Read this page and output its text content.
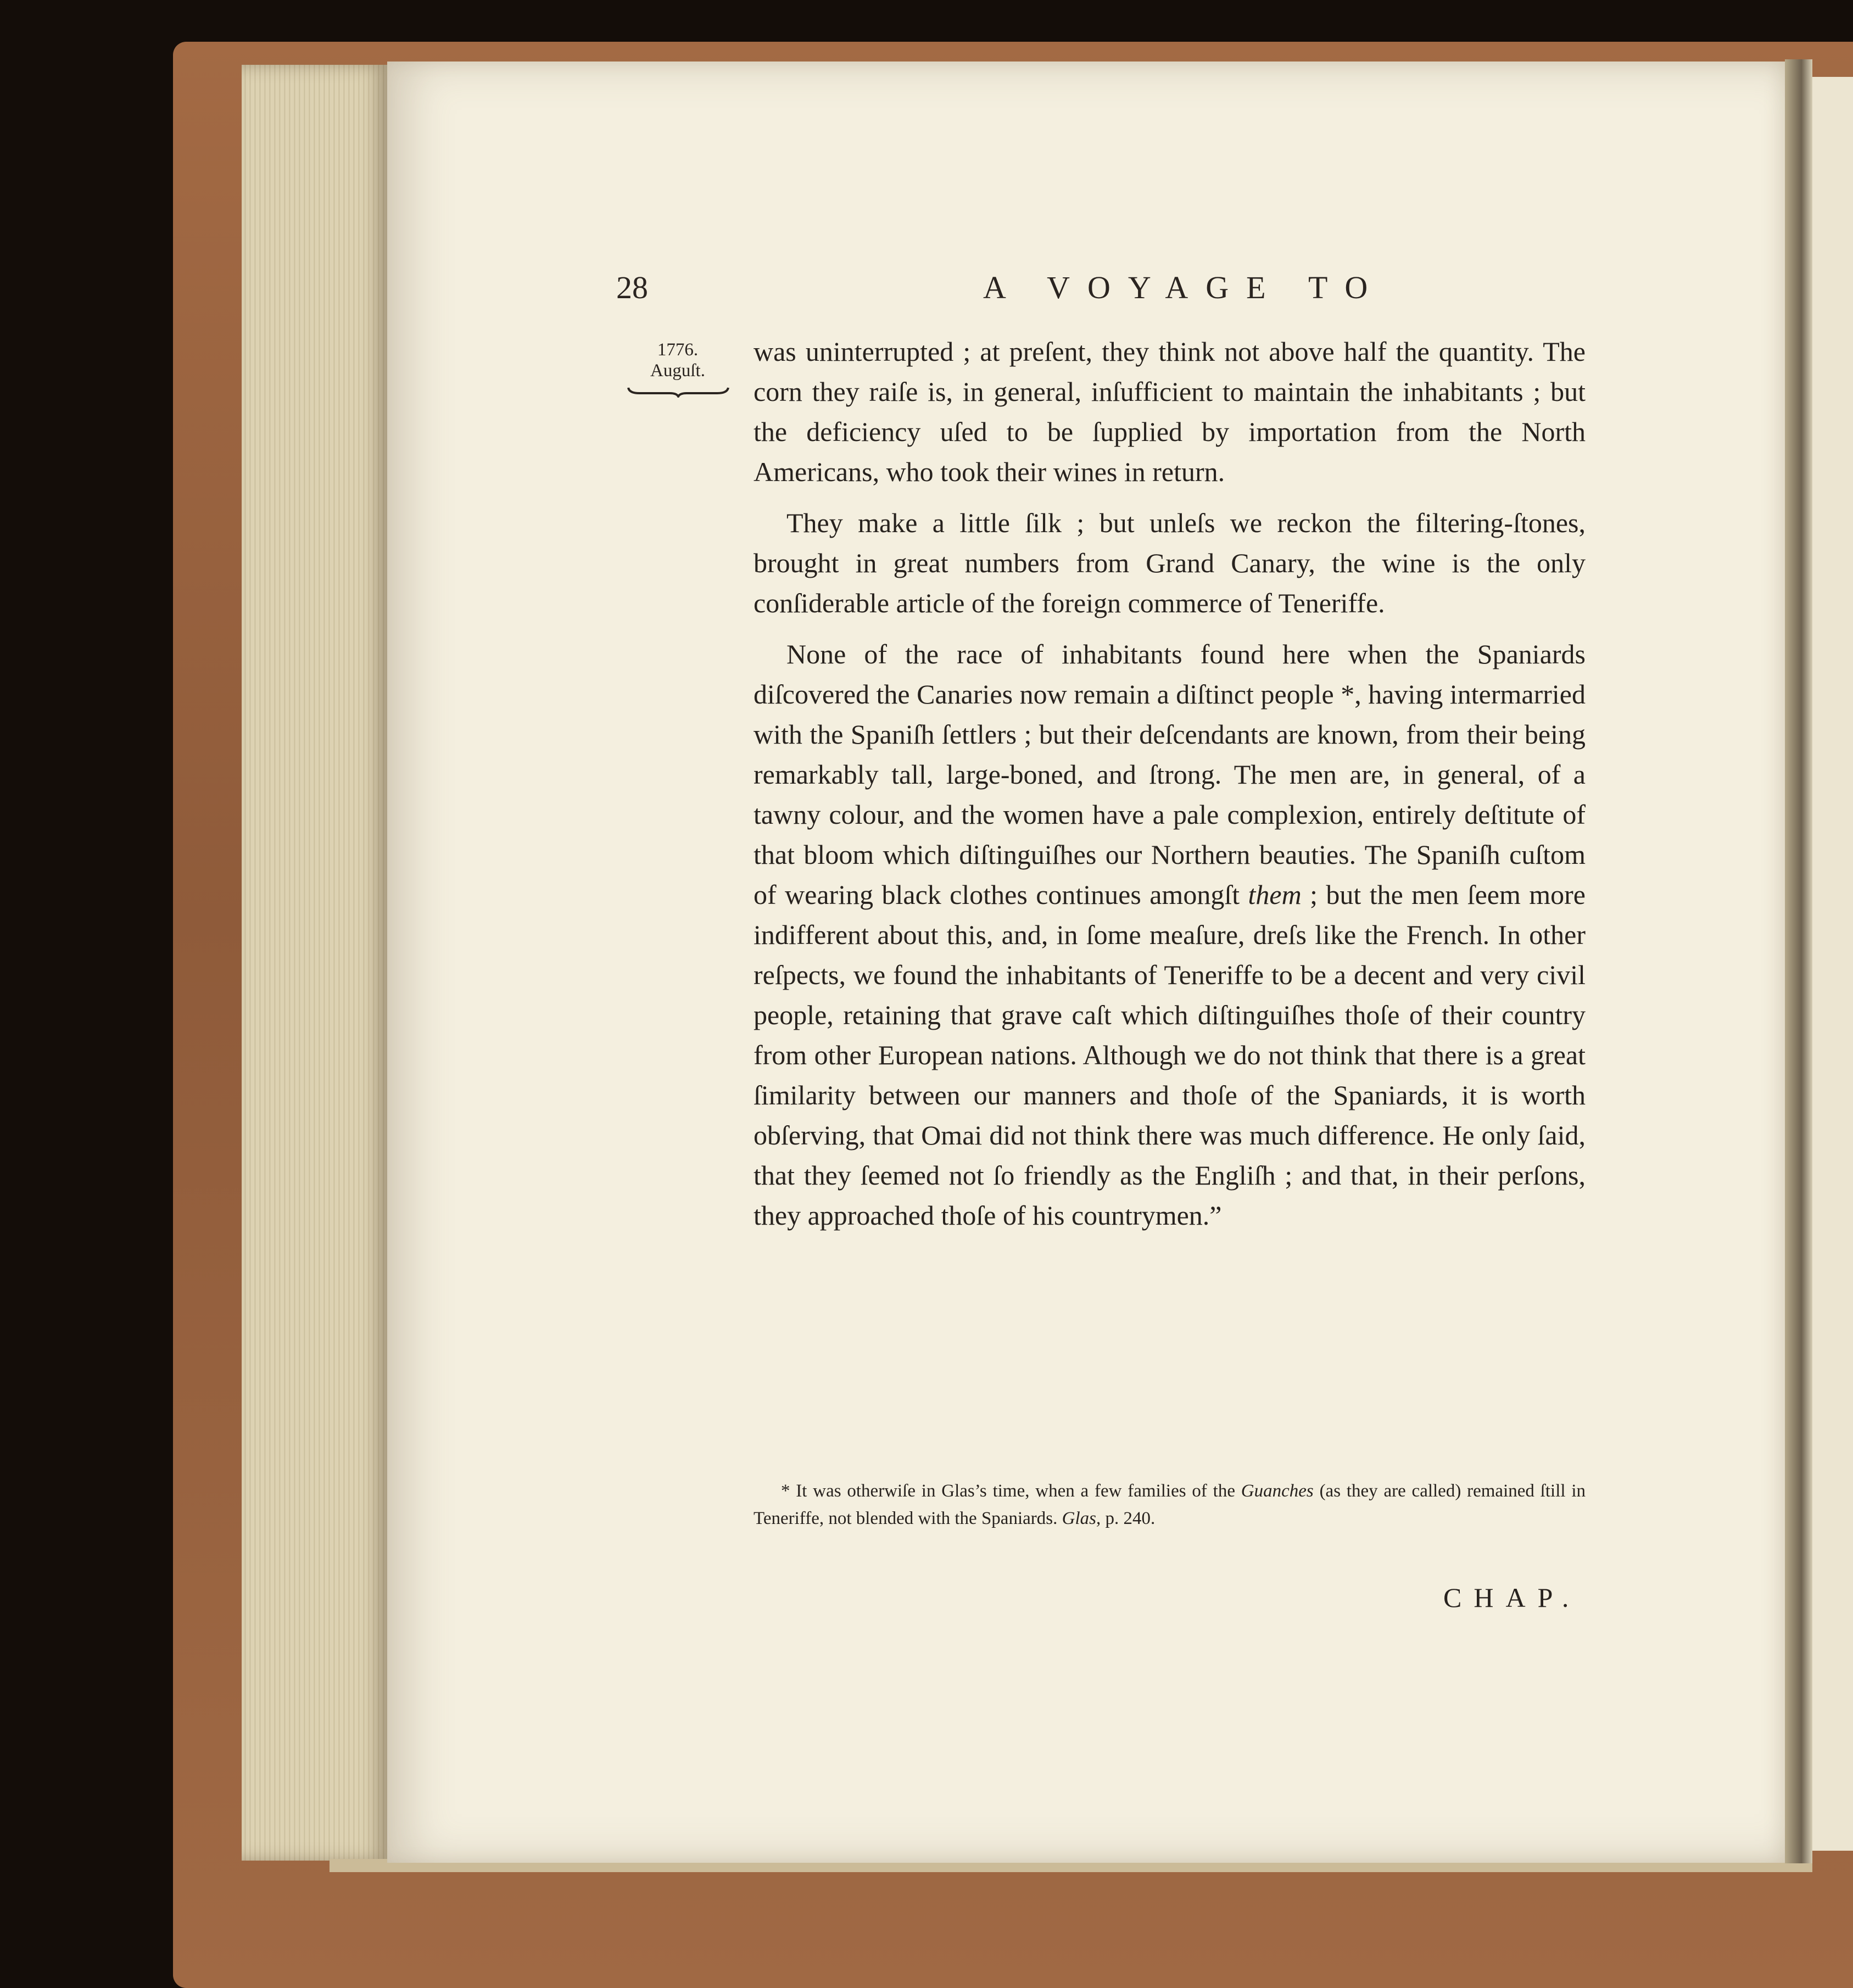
28	A VOYAGE TO
1776.
Auguſt.

was uninterrupted ; at preſent, they think not above half the quantity. The corn they raiſe is, in general, inſufficient to maintain the inhabitants ; but the deficiency uſed to be ſupplied by importation from the North Americans, who took their wines in return.

They make a little ſilk ; but unleſs we reckon the filtering-ſtones, brought in great numbers from Grand Canary, the wine is the only conſiderable article of the foreign commerce of Teneriffe.

None of the race of inhabitants found here when the Spaniards diſcovered the Canaries now remain a diſtinct people *, having intermarried with the Spaniſh ſettlers ; but their deſcendants are known, from their being remarkably tall, large-boned, and ſtrong. The men are, in general, of a tawny colour, and the women have a pale complexion, entirely deſtitute of that bloom which diſtinguiſhes our Northern beauties. The Spaniſh cuſtom of wearing black clothes continues amongſt them ; but the men ſeem more indifferent about this, and, in ſome meaſure, dreſs like the French. In other reſpects, we found the inhabitants of Teneriffe to be a decent and very civil people, retaining that grave caſt which diſtinguiſhes thoſe of their country from other European nations. Although we do not think that there is a great ſimilarity between our manners and thoſe of the Spaniards, it is worth obſerving, that Omai did not think there was much difference. He only ſaid, that they ſeemed not ſo friendly as the Engliſh ; and that, in their perſons, they approached thoſe of his countrymen.”

* It was otherwiſe in Glas’s time, when a few families of the Guanches (as they are called) remained ſtill in Teneriffe, not blended with the Spaniards. Glas, p. 240.
CHAP.
